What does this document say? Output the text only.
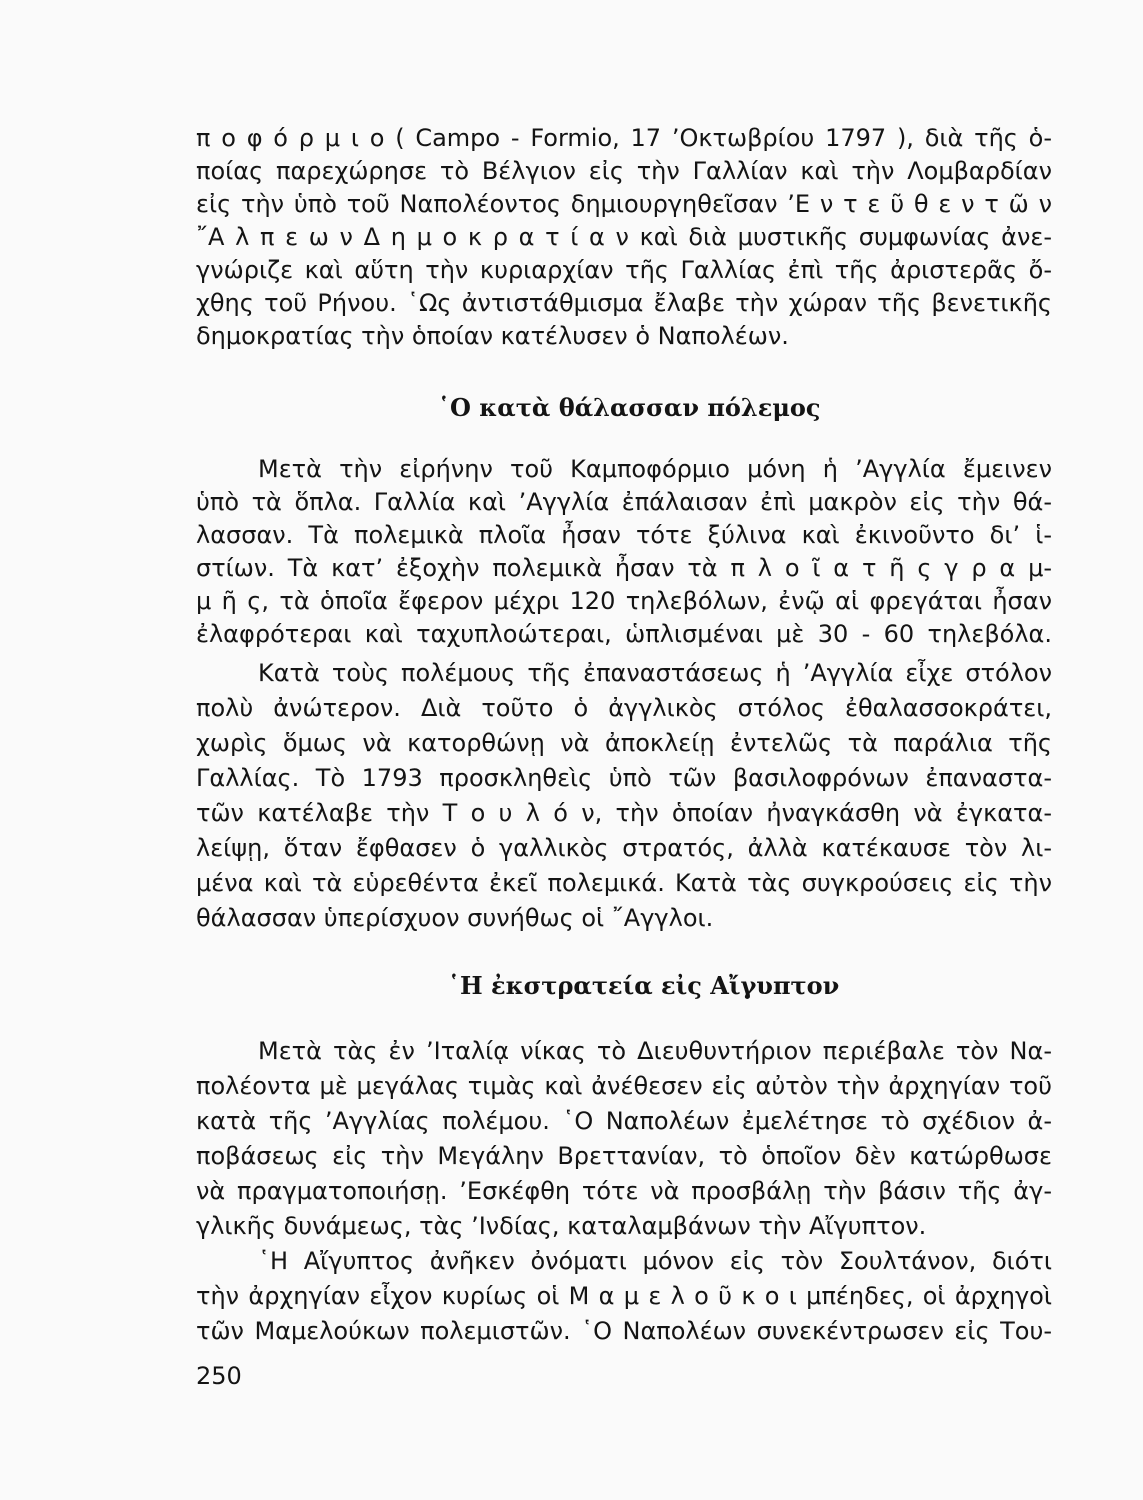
π ο φ ό ρ μ ι ο ( Campo - Formio, 17 ’Οκτωβρίου 1797 ), διὰ τῆς ὁ-
ποίας παρεχώρησε τὸ Βέλγιον εἰς τὴν Γαλλίαν καὶ τὴν Λομβαρδίαν
εἰς τὴν ὑπὸ τοῦ Ναπολέοντος δημιουργηθεῖσαν ’Ε ν τ ε ῦ θ ε ν τ ῶ ν
῎Α λ π ε ω ν Δ η μ ο κ ρ α τ ί α ν καὶ διὰ μυστικῆς συμφωνίας ἀνε-
γνώριζε καὶ αὕτη τὴν κυριαρχίαν τῆς Γαλλίας ἐπὶ τῆς ἀριστερᾶς ὄ-
χθης τοῦ Ρήνου. ῾Ως ἀντιστάθμισμα ἔλαβε τὴν χώραν τῆς βενετικῆς
δημοκρατίας τὴν ὁποίαν κατέλυσεν ὁ Ναπολέων.
῾Ο κατὰ θάλασσαν πόλεμος
Μετὰ τὴν εἰρήνην τοῦ Καμποφόρμιο μόνη ἡ ’Αγγλία ἔμεινεν
ὑπὸ τὰ ὅπλα. Γαλλία καὶ ’Αγγλία ἐπάλαισαν ἐπὶ μακρὸν εἰς τὴν θά-
λασσαν. Τὰ πολεμικὰ πλοῖα ἦσαν τότε ξύλινα καὶ ἐκινοῦντο δι’ ἱ-
στίων. Τὰ κατ’ ἐξοχὴν πολεμικὰ ἦσαν τὰ π λ ο ῖ α τ ῆ ς γ ρ α μ-
μ ῆ ς, τὰ ὁποῖα ἔφερον μέχρι 120 τηλεβόλων, ἐνῷ αἱ φρεγάται ἦσαν
ἐλαφρότεραι καὶ ταχυπλοώτεραι, ὡπλισμέναι μὲ 30 - 60 τηλεβόλα.
Κατὰ τοὺς πολέμους τῆς ἐπαναστάσεως ἡ ’Αγγλία εἶχε στόλον
πολὺ ἀνώτερον. Διὰ τοῦτο ὁ ἀγγλικὸς στόλος ἐθαλασσοκράτει,
χωρὶς ὅμως νὰ κατορθώνῃ νὰ ἀποκλείῃ ἐντελῶς τὰ παράλια τῆς
Γαλλίας. Τὸ 1793 προσκληθεὶς ὑπὸ τῶν βασιλοφρόνων ἐπαναστα-
τῶν κατέλαβε τὴν Τ ο υ λ ό ν, τὴν ὁποίαν ἠναγκάσθη νὰ ἐγκατα-
λείψῃ, ὅταν ἔφθασεν ὁ γαλλικὸς στρατός, ἀλλὰ κατέκαυσε τὸν λι-
μένα καὶ τὰ εὑρεθέντα ἐκεῖ πολεμικά. Κατὰ τὰς συγκρούσεις εἰς τὴν
θάλασσαν ὑπερίσχυον συνήθως οἱ ῎Αγγλοι.
῾Η ἐκστρατεία εἰς Αἴγυπτον
Μετὰ τὰς ἐν ’Ιταλίᾳ νίκας τὸ Διευθυντήριον περιέβαλε τὸν Να-
πολέοντα μὲ μεγάλας τιμὰς καὶ ἀνέθεσεν εἰς αὐτὸν τὴν ἀρχηγίαν τοῦ
κατὰ τῆς ’Αγγλίας πολέμου. ῾Ο Ναπολέων ἐμελέτησε τὸ σχέδιον ἀ-
ποβάσεως εἰς τὴν Μεγάλην Βρεττανίαν, τὸ ὁποῖον δὲν κατώρθωσε
νὰ πραγματοποιήσῃ. ’Εσκέφθη τότε νὰ προσβάλῃ τὴν βάσιν τῆς ἀγ-
γλικῆς δυνάμεως, τὰς ’Ινδίας, καταλαμβάνων τὴν Αἴγυπτον.
῾Η Αἴγυπτος ἀνῆκεν ὀνόματι μόνον εἰς τὸν Σουλτάνον, διότι
τὴν ἀρχηγίαν εἶχον κυρίως οἱ Μ α μ ε λ ο ῦ κ ο ι μπέηδες, οἱ ἀρχηγοὶ
τῶν Μαμελούκων πολεμιστῶν. ῾Ο Ναπολέων συνεκέντρωσεν εἰς Του-
250
